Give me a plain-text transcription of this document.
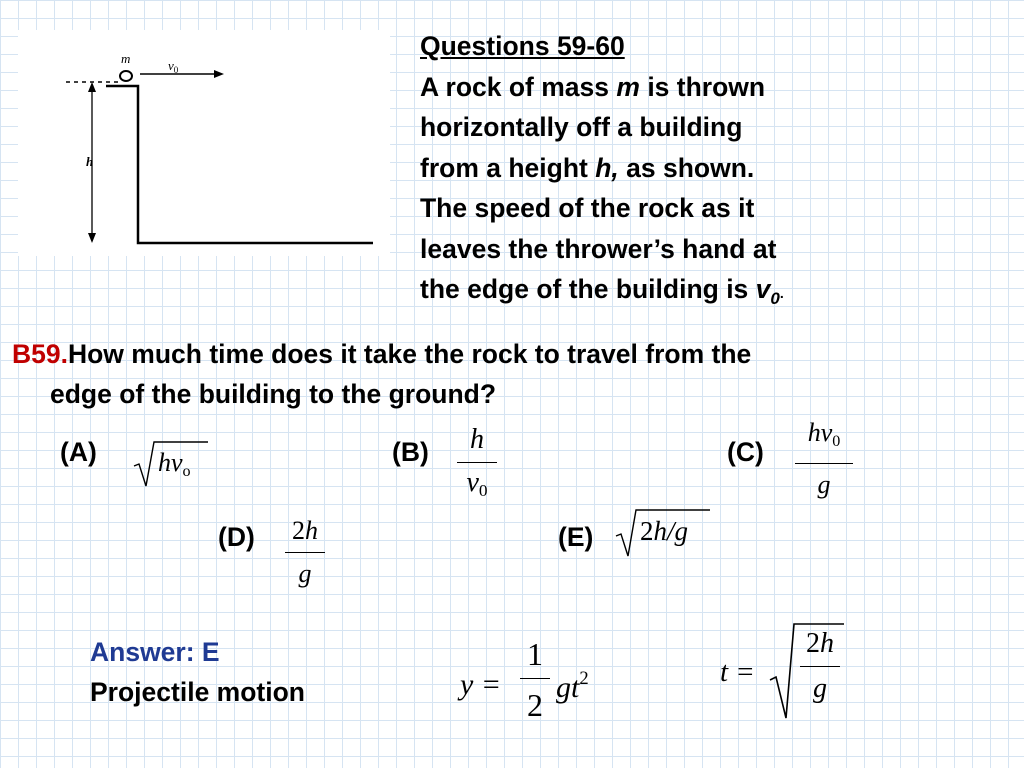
m	$v_0$
h
Questions 59-60
A rock of mass m is thrown
horizontally off a building
from a height h, as shown.
The speed of the rock as it
leaves the thrower’s hand at
the edge of the building is $v_0$.
B59.How much time does it take the rock to travel from the
edge of the building to the ground?
(A) $hv_o$
(B)	h
$v_0$
(C)
$hv_0$
g
(D) 2h
g
(E) 2h/g
Answer: E
Projectile motion	y =
1
2 $gt^2$	t =
2h
g
